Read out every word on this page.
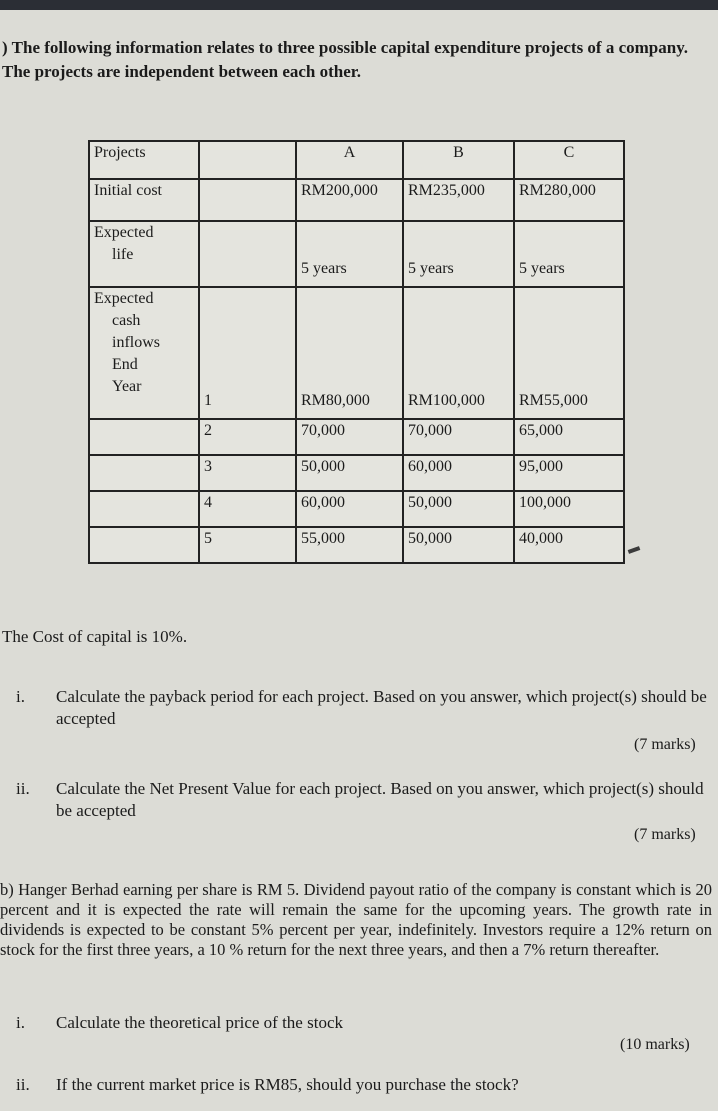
) The following information relates to three possible capital expenditure projects of a company. The projects are independent between each other.
Projects		A	B	C
Initial cost		RM200,000	RM235,000	RM280,000
Expected

life		5 years	5 years	5 years
Expected

cash
inflows
End
Year	1	RM80,000	RM100,000	RM55,000
	2	70,000	70,000	65,000
	3	50,000	60,000	95,000
	4	60,000	50,000	100,000
	5	55,000	50,000	40,000
The Cost of capital is 10%.
i. Calculate the payback period for each project. Based on you answer, which project(s) should be accepted
(7 marks)
ii. Calculate the Net Present Value for each project. Based on you answer, which project(s) should be accepted
(7 marks)
b) Hanger Berhad earning per share is RM 5. Dividend payout ratio of the company is constant which is 20 percent and it is expected the rate will remain the same for the upcoming years. The growth rate in dividends is expected to be constant 5% percent per year, indefinitely. Investors require a 12% return on stock for the first three years, a 10 % return for the next three years, and then a 7% return thereafter.
i. Calculate the theoretical price of the stock
(10 marks)
ii. If the current market price is RM85, should you purchase the stock?
